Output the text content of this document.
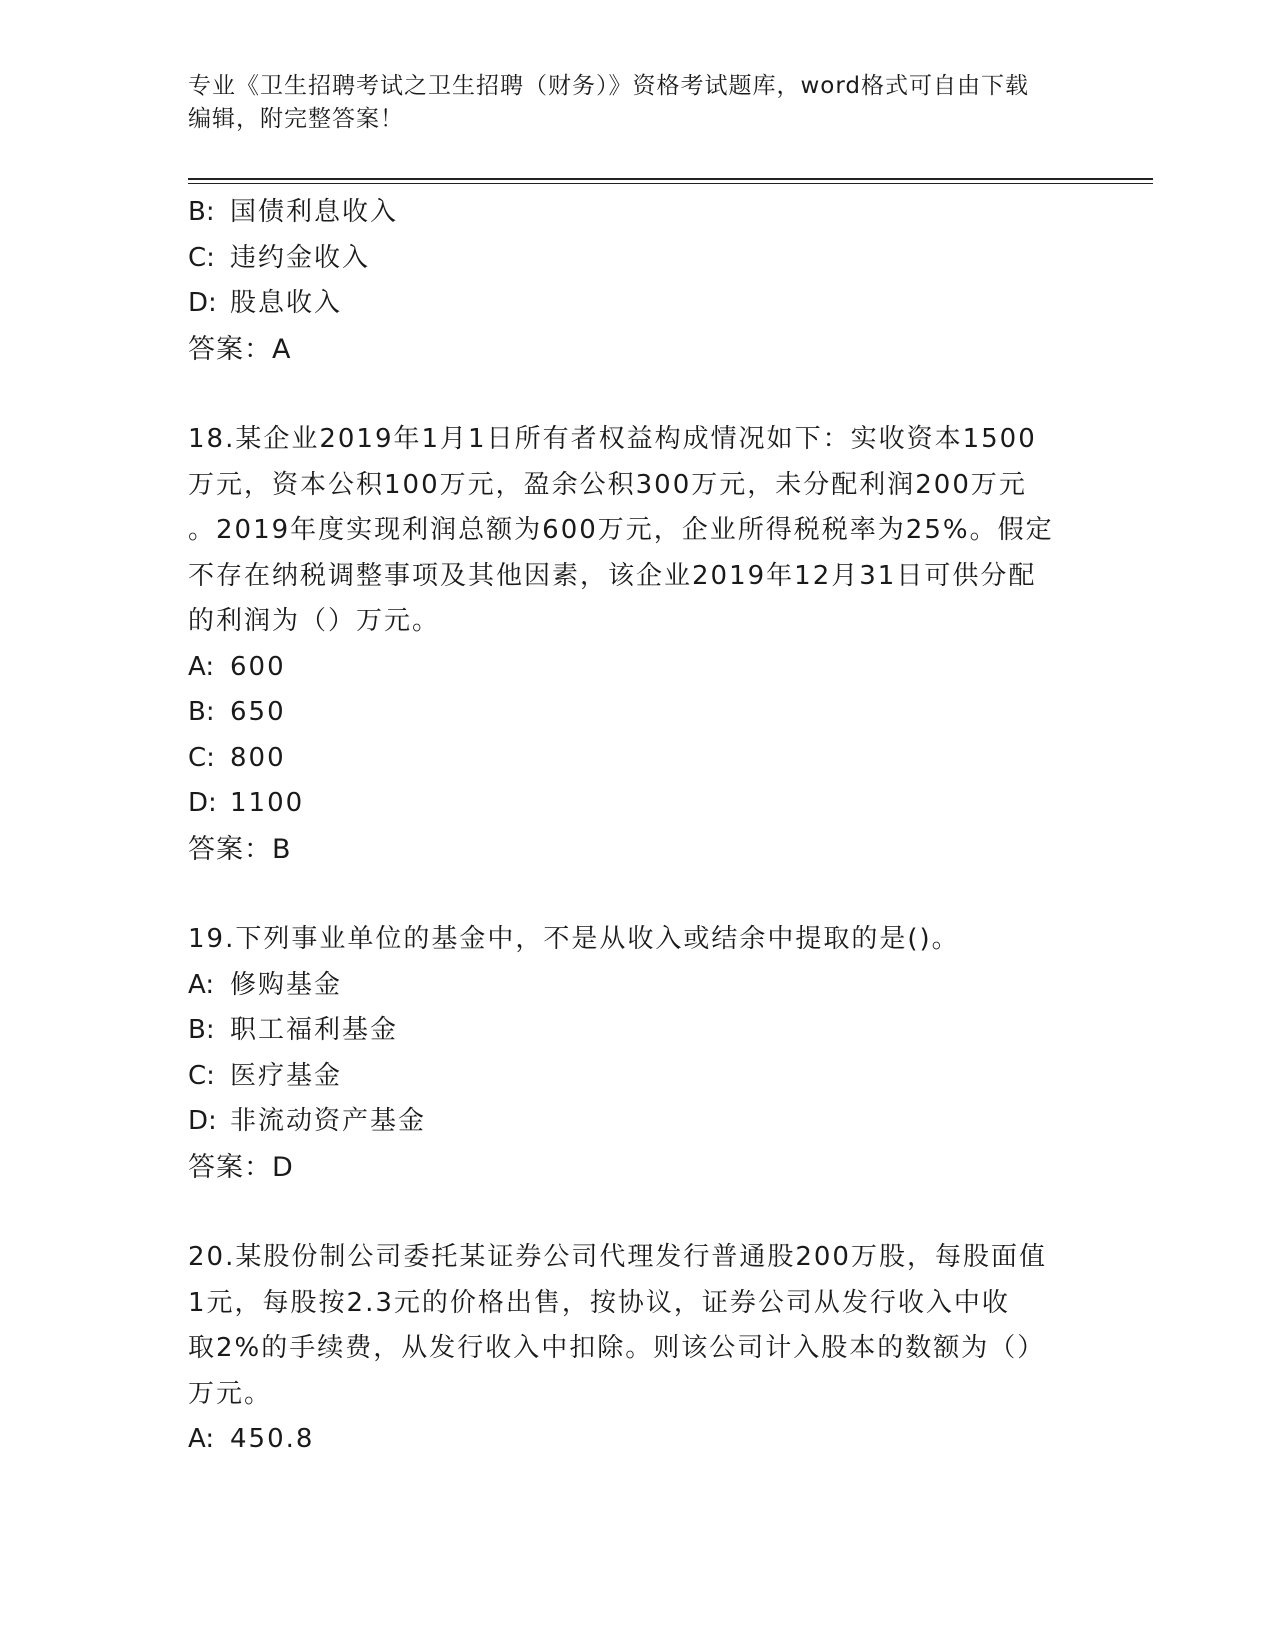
专业《卫生招聘考试之卫生招聘（财务）》资格考试题库，word格式可自由下载
编辑，附完整答案！
B: 国债利息收入
C: 违约金收入
D: 股息收入
答案：A
18.某企业2019年1月1日所有者权益构成情况如下：实收资本1500
万元，资本公积100万元，盈余公积300万元，未分配利润200万元
。2019年度实现利润总额为600万元，企业所得税税率为25%。假定
不存在纳税调整事项及其他因素，该企业2019年12月31日可供分配
的利润为（）万元。
A: 600
B: 650
C: 800
D: 1100
答案：B
19.下列事业单位的基金中，不是从收入或结余中提取的是()。
A: 修购基金
B: 职工福利基金
C: 医疗基金
D: 非流动资产基金
答案：D
20.某股份制公司委托某证券公司代理发行普通股200万股，每股面值
1元，每股按2.3元的价格出售，按协议，证券公司从发行收入中收
取2%的手续费，从发行收入中扣除。则该公司计入股本的数额为（）
万元。
A: 450.8
